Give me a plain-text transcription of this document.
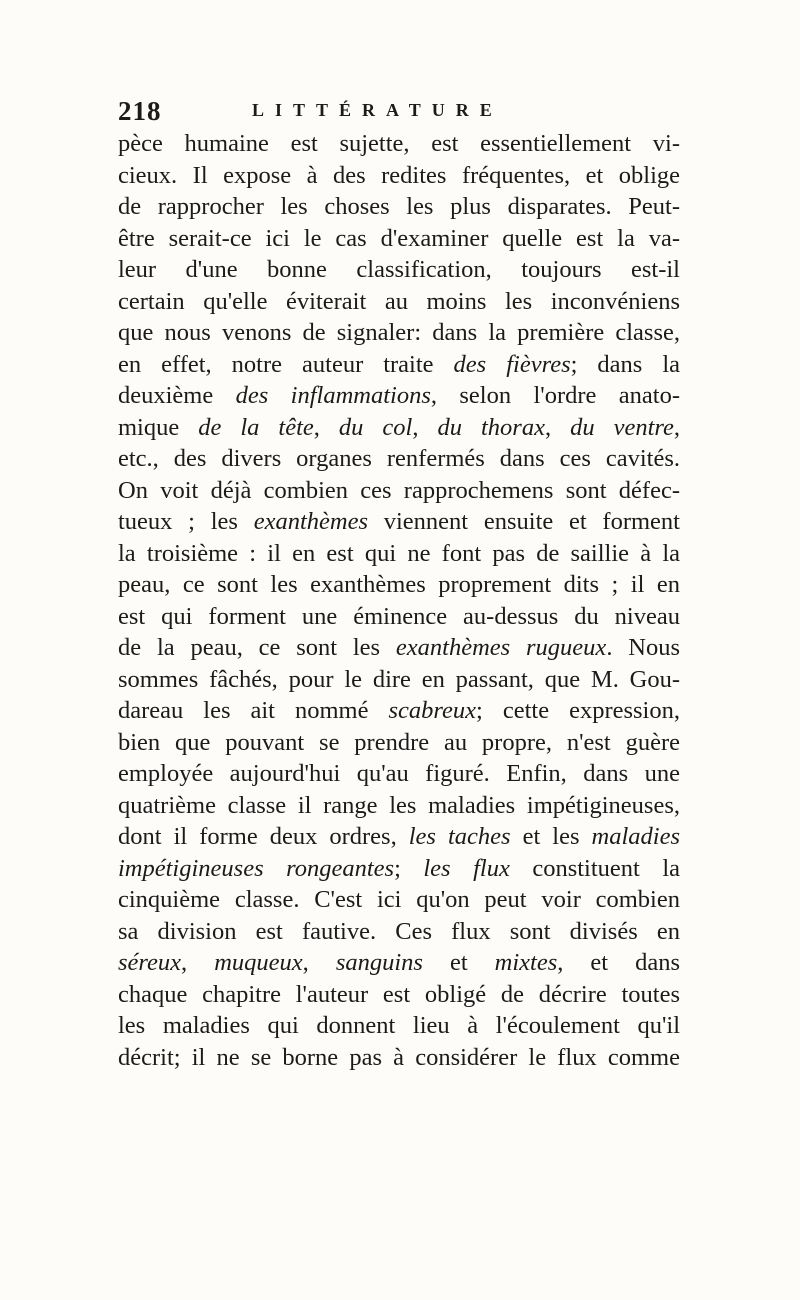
218	LITTÉRATURE
pèce humaine est sujette, est essentiellement vi-
cieux. Il expose à des redites fréquentes, et oblige
de rapprocher les choses les plus disparates. Peut-
être serait-ce ici le cas d'examiner quelle est la va-
leur d'une bonne classification, toujours est-il
certain qu'elle éviterait au moins les inconvéniens
que nous venons de signaler: dans la première classe,
en effet, notre auteur traite des fièvres; dans la
deuxième des inflammations, selon l'ordre anato-
mique de la tête, du col, du thorax, du ventre,
etc., des divers organes renfermés dans ces cavités.
On voit déjà combien ces rapprochemens sont défec-
tueux ; les exanthèmes viennent ensuite et forment
la troisième : il en est qui ne font pas de saillie à la
peau, ce sont les exanthèmes proprement dits ; il en
est qui forment une éminence au-dessus du niveau
de la peau, ce sont les exanthèmes rugueux. Nous
sommes fâchés, pour le dire en passant, que M. Gou-
dareau les ait nommé scabreux; cette expression,
bien que pouvant se prendre au propre, n'est guère
employée aujourd'hui qu'au figuré. Enfin, dans une
quatrième classe il range les maladies impétigineuses,
dont il forme deux ordres, les taches et les maladies
impétigineuses rongeantes; les flux constituent la
cinquième classe. C'est ici qu'on peut voir combien
sa division est fautive. Ces flux sont divisés en
séreux, muqueux, sanguins et mixtes, et dans
chaque chapitre l'auteur est obligé de décrire toutes
les maladies qui donnent lieu à l'écoulement qu'il
décrit; il ne se borne pas à considérer le flux comme
